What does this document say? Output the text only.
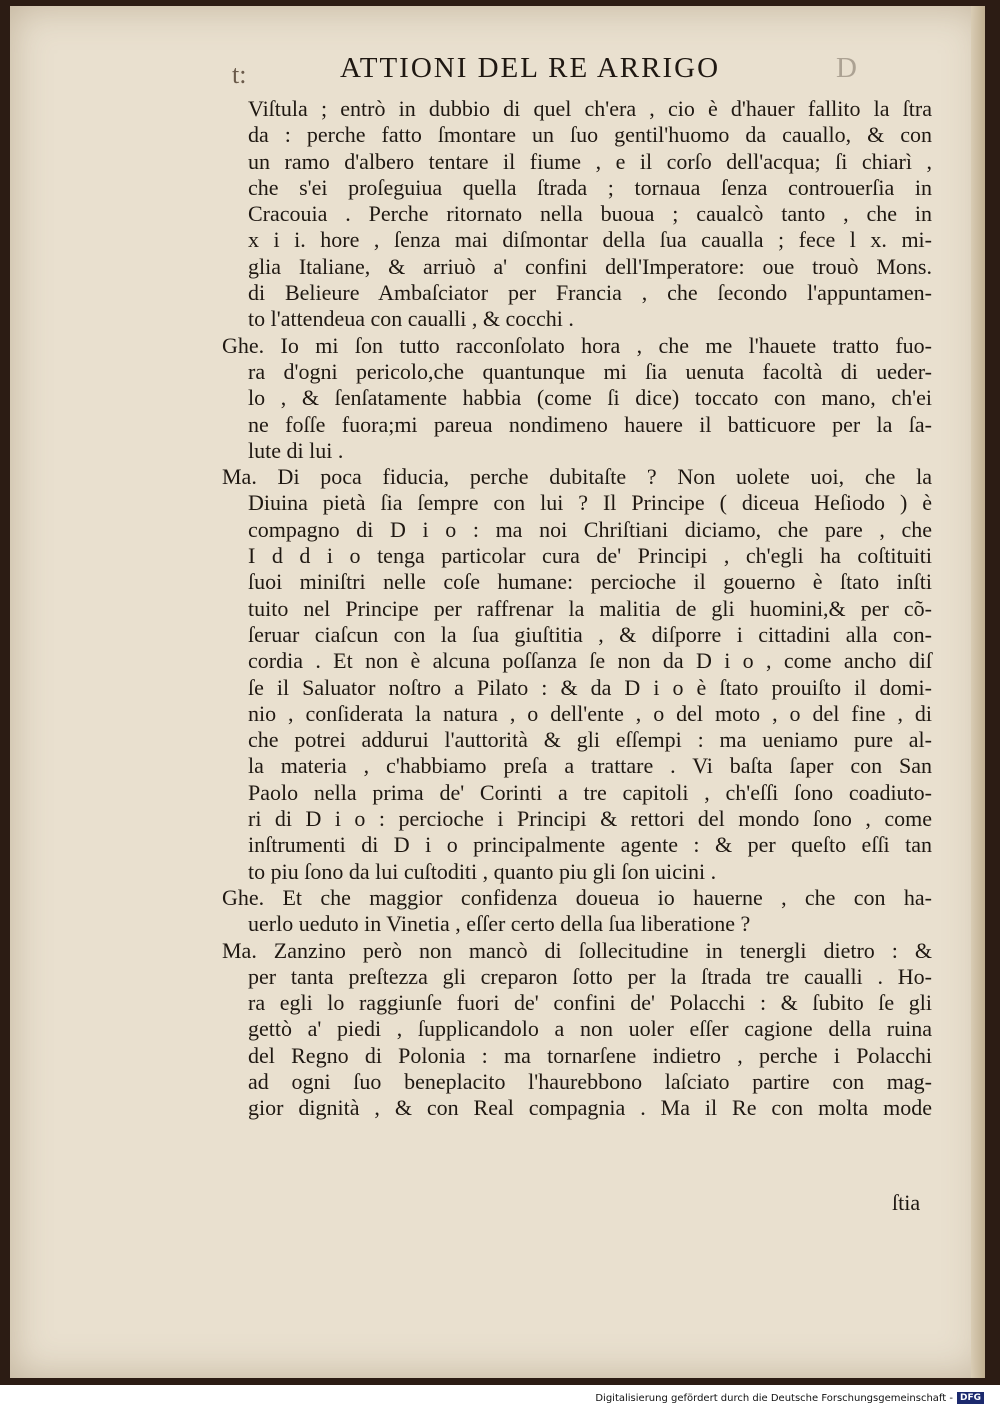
t:	ATTIONI DEL RE ARRIGO	D
Viſtula ; entrò in dubbio di quel ch'era , cio è d'hauer fallito la ſtra
da : perche fatto ſmontare un ſuo gentil'huomo da cauallo, & con
un ramo d'albero tentare il fiume , e il corſo dell'acqua; ſi chiarì ,
che s'ei proſeguiua quella ſtrada ; tornaua ſenza controuerſia in
Cracouia . Perche ritornato nella buoua ; caualcò tanto , che in
x i i. hore , ſenza mai diſmontar della ſua caualla ; fece l x. mi-
glia Italiane, & arriuò a' confini dell'Imperatore: oue trouò Mons.
di Belieure Ambaſciator per Francia , che ſecondo l'appuntamen-
to l'attendeua con caualli , & cocchi .
Ghe. Io mi ſon tutto racconſolato hora , che me l'hauete tratto fuo-
ra d'ogni pericolo,che quantunque mi ſia uenuta facoltà di ueder-
lo , & ſenſatamente habbia (come ſi dice) toccato con mano, ch'ei
ne foſſe fuora;mi pareua nondimeno hauere il batticuore per la ſa-
lute di lui .
Ma. Di poca fiducia, perche dubitaſte ? Non uolete uoi, che la
Diuina pietà ſia ſempre con lui ? Il Principe ( diceua Heſiodo ) è
compagno di D i o : ma noi Chriſtiani diciamo, che pare , che
I d d i o tenga particolar cura de' Principi , ch'egli ha coſtituiti
ſuoi miniſtri nelle coſe humane: percioche il gouerno è ſtato inſti
tuito nel Principe per raffrenar la malitia de gli huomini,& per cõ-
ſeruar ciaſcun con la ſua giuſtitia , & diſporre i cittadini alla con-
cordia . Et non è alcuna poſſanza ſe non da D i o , come ancho diſ
ſe il Saluator noſtro a Pilato : & da D i o è ſtato prouiſto il domi-
nio , conſiderata la natura , o dell'ente , o del moto , o del fine , di
che potrei addurui l'auttorità & gli eſſempi : ma ueniamo pure al-
la materia , c'habbiamo preſa a trattare . Vi baſta ſaper con San
Paolo nella prima de' Corinti a tre capitoli , ch'eſſi ſono coadiuto-
ri di D i o : percioche i Principi & rettori del mondo ſono , come
inſtrumenti di D i o principalmente agente : & per queſto eſſi tan
to piu ſono da lui cuſtoditi , quanto piu gli ſon uicini .
Ghe. Et che maggior confidenza doueua io hauerne , che con ha-
uerlo ueduto in Vinetia , eſſer certo della ſua liberatione ?
Ma. Zanzino però non mancò di ſollecitudine in tenergli dietro : &
per tanta preſtezza gli creparon ſotto per la ſtrada tre caualli . Ho-
ra egli lo raggiunſe fuori de' confini de' Polacchi : & ſubito ſe gli
gettò a' piedi , ſupplicandolo a non uoler eſſer cagione della ruina
del Regno di Polonia : ma tornarſene indietro , perche i Polacchi
ad ogni ſuo beneplacito l'haurebbono laſciato partire con mag-
gior dignità , & con Real compagnia . Ma il Re con molta mode
ſtia
Digitalisierung gefördert durch die Deutsche Forschungsgemeinschaft - DFG
